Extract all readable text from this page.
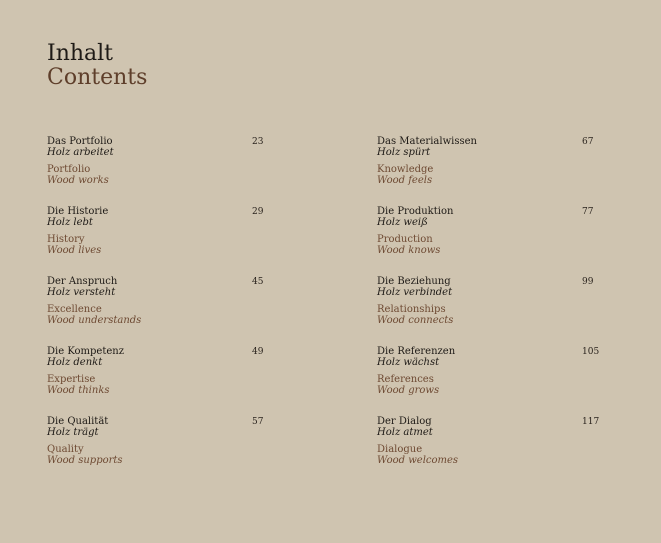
Inhalt
Contents
Das Portfolio
Holz arbeitet
Portfolio
Wood works
23
Die Historie
Holz lebt
History
Wood lives
29
Der Anspruch
Holz versteht
Excellence
Wood understands
45
Die Kompetenz
Holz denkt
Expertise
Wood thinks
49
Die Qualität
Holz trägt
Quality
Wood supports
57
Das Materialwissen
Holz spürt
Knowledge
Wood feels
67
Die Produktion
Holz weiß
Production
Wood knows
77
Die Beziehung
Holz verbindet
Relationships
Wood connects
99
Die Referenzen
Holz wächst
References
Wood grows
105
Der Dialog
Holz atmet
Dialogue
Wood welcomes
117
